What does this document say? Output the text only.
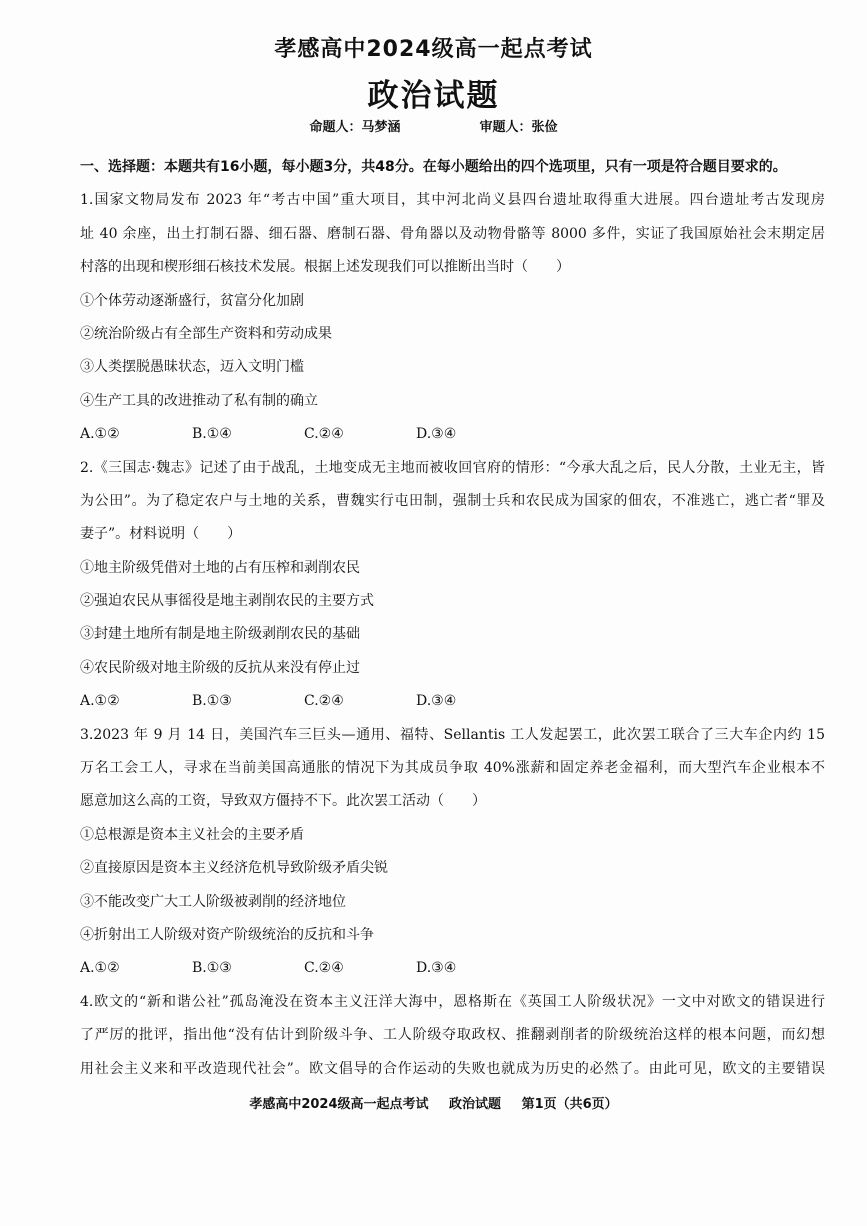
孝感高中2024级高一起点考试
政治试题
命题人：马梦涵	审题人：张俭
一、选择题：本题共有16小题，每小题3分，共48分。在每小题给出的四个选项里，只有一项是符合题目要求的。
1.国家文物局发布 2023 年“考古中国”重大项目，其中河北尚义县四台遗址取得重大进展。四台遗址考古发现房
址 40 余座，出土打制石器、细石器、磨制石器、骨角器以及动物骨骼等 8000 多件，实证了我国原始社会末期定居
村落的出现和楔形细石核技术发展。根据上述发现我们可以推断出当时（　　）
①个体劳动逐渐盛行，贫富分化加剧
②统治阶级占有全部生产资料和劳动成果
③人类摆脱愚昧状态，迈入文明门槛
④生产工具的改进推动了私有制的确立
A.①②	B.①④	C.②④	D.③④
2.《三国志·魏志》记述了由于战乱，土地变成无主地而被收回官府的情形：“今承大乱之后，民人分散，土业无主，皆
为公田”。为了稳定农户与土地的关系，曹魏实行屯田制，强制士兵和农民成为国家的佃农，不准逃亡，逃亡者“罪及
妻子”。材料说明（　　）
①地主阶级凭借对土地的占有压榨和剥削农民
②强迫农民从事徭役是地主剥削农民的主要方式
③封建土地所有制是地主阶级剥削农民的基础
④农民阶级对地主阶级的反抗从来没有停止过
A.①②	B.①③	C.②④	D.③④
3.2023 年 9 月 14 日，美国汽车三巨头—通用、福特、Sellantis 工人发起罢工，此次罢工联合了三大车企内约 15
万名工会工人，寻求在当前美国高通胀的情况下为其成员争取 40%涨薪和固定养老金福利，而大型汽车企业根本不
愿意加这么高的工资，导致双方僵持不下。此次罢工活动（　　）
①总根源是资本主义社会的主要矛盾
②直接原因是资本主义经济危机导致阶级矛盾尖锐
③不能改变广大工人阶级被剥削的经济地位
④折射出工人阶级对资产阶级统治的反抗和斗争
A.①②	B.①③	C.②④	D.③④
4.欧文的“新和谐公社”孤岛淹没在资本主义汪洋大海中，恩格斯在《英国工人阶级状况》一文中对欧文的错误进行
了严厉的批评，指出他“没有估计到阶级斗争、工人阶级夺取政权、推翻剥削者的阶级统治这样的根本问题，而幻想
用社会主义来和平改造现代社会”。欧文倡导的合作运动的失败也就成为历史的必然了。由此可见，欧文的主要错误
孝感高中2024级高一起点考试 政治试题 第1页（共6页）
